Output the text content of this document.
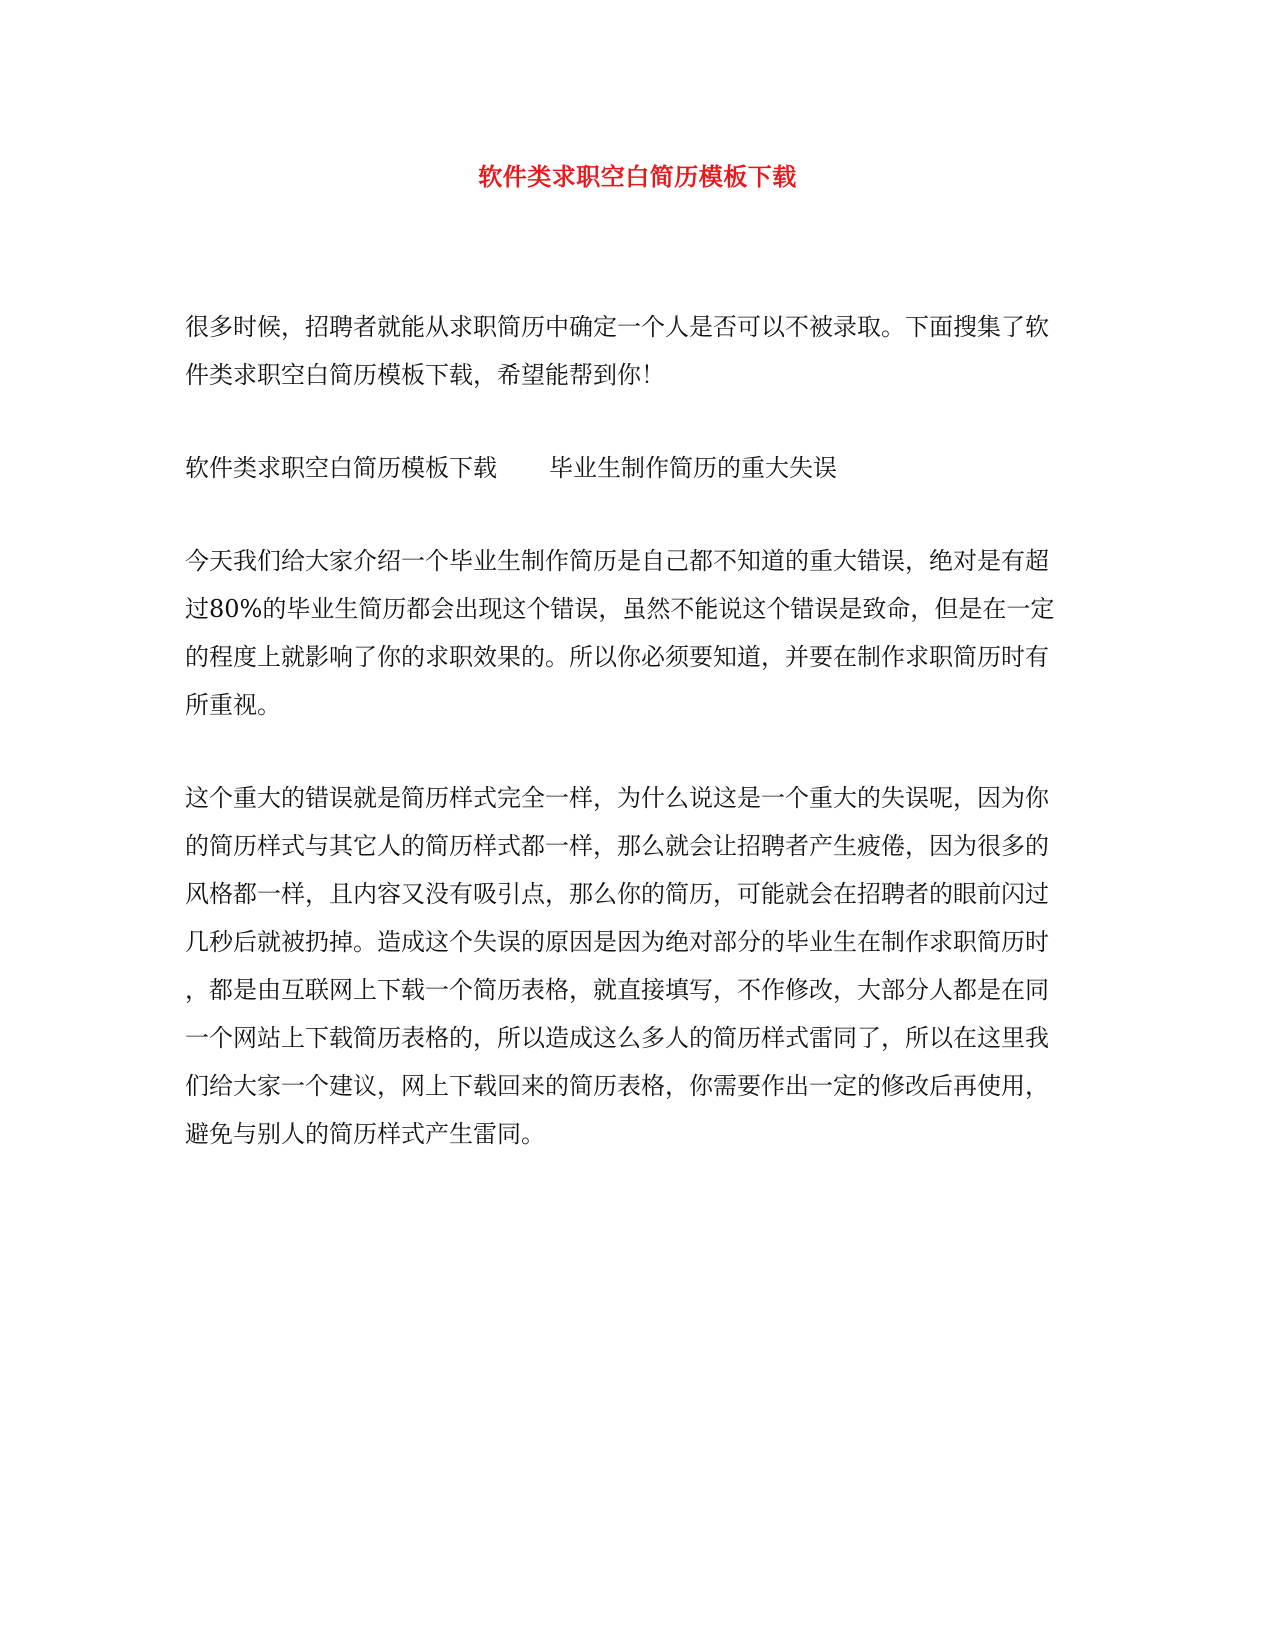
软件类求职空白简历模板下载

很多时候，招聘者就能从求职简历中确定一个人是否可以不被录取。下面搜集了软
件类求职空白简历模板下载，希望能帮到你！

软件类求职空白简历模板下载 毕业生制作简历的重大失误

今天我们给大家介绍一个毕业生制作简历是自己都不知道的重大错误，绝对是有超
过80%的毕业生简历都会出现这个错误，虽然不能说这个错误是致命，但是在一定
的程度上就影响了你的求职效果的。所以你必须要知道，并要在制作求职简历时有
所重视。

这个重大的错误就是简历样式完全一样，为什么说这是一个重大的失误呢，因为你
的简历样式与其它人的简历样式都一样，那么就会让招聘者产生疲倦，因为很多的
风格都一样，且内容又没有吸引点，那么你的简历，可能就会在招聘者的眼前闪过
几秒后就被扔掉。造成这个失误的原因是因为绝对部分的毕业生在制作求职简历时
，都是由互联网上下载一个简历表格，就直接填写，不作修改，大部分人都是在同
一个网站上下载简历表格的，所以造成这么多人的简历样式雷同了，所以在这里我
们给大家一个建议，网上下载回来的简历表格，你需要作出一定的修改后再使用，
避免与别人的简历样式产生雷同。
